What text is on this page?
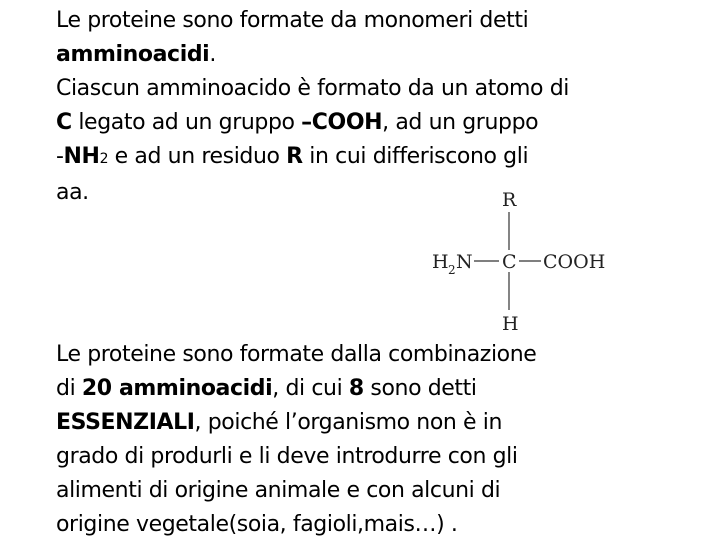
Le proteine sono formate da monomeri detti
amminoacidi.
Ciascun amminoacido è formato da un atomo di
C legato ad un gruppo –COOH, ad un gruppo
-NH2 e ad un residuo R in cui differiscono gli
aa.	R
H 2 N C COOH
H
Le proteine sono formate dalla combinazione
di 20 amminoacidi, di cui 8 sono detti
ESSENZIALI, poiché l’organismo non è in
grado di produrli e li deve introdurre con gli
alimenti di origine animale e con alcuni di
origine vegetale(soia, fagioli,mais…) .
